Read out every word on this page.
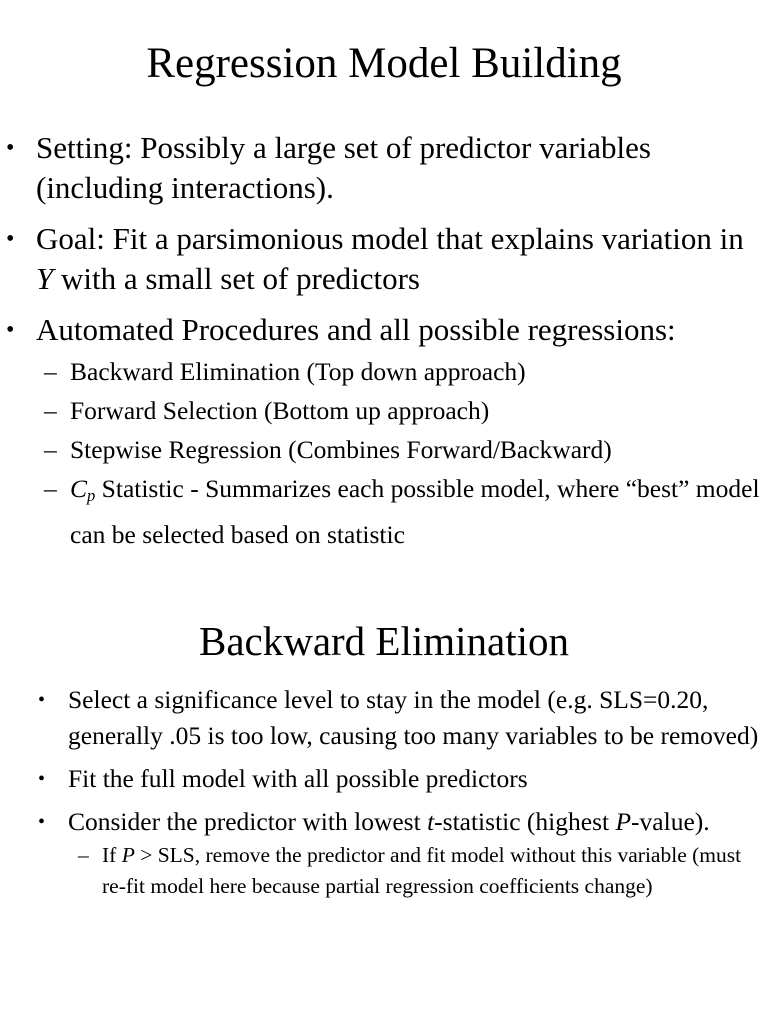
Regression Model Building
• Setting: Possibly a large set of predictor variables (including interactions).
• Goal: Fit a parsimonious model that explains variation in Y with a small set of predictors
• Automated Procedures and all possible regressions:
– Backward Elimination (Top down approach)
– Forward Selection (Bottom up approach)
– Stepwise Regression (Combines Forward/Backward)
– $C_p$ Statistic - Summarizes each possible model, where “best” model can be selected based on statistic
Backward Elimination
• Select a significance level to stay in the model (e.g. SLS=0.20, generally .05 is too low, causing too many variables to be removed)
• Fit the full model with all possible predictors
• Consider the predictor with lowest t-statistic (highest P-value).
– If P > SLS, remove the predictor and fit model without this variable (must re-fit model here because partial regression coefficients change)
